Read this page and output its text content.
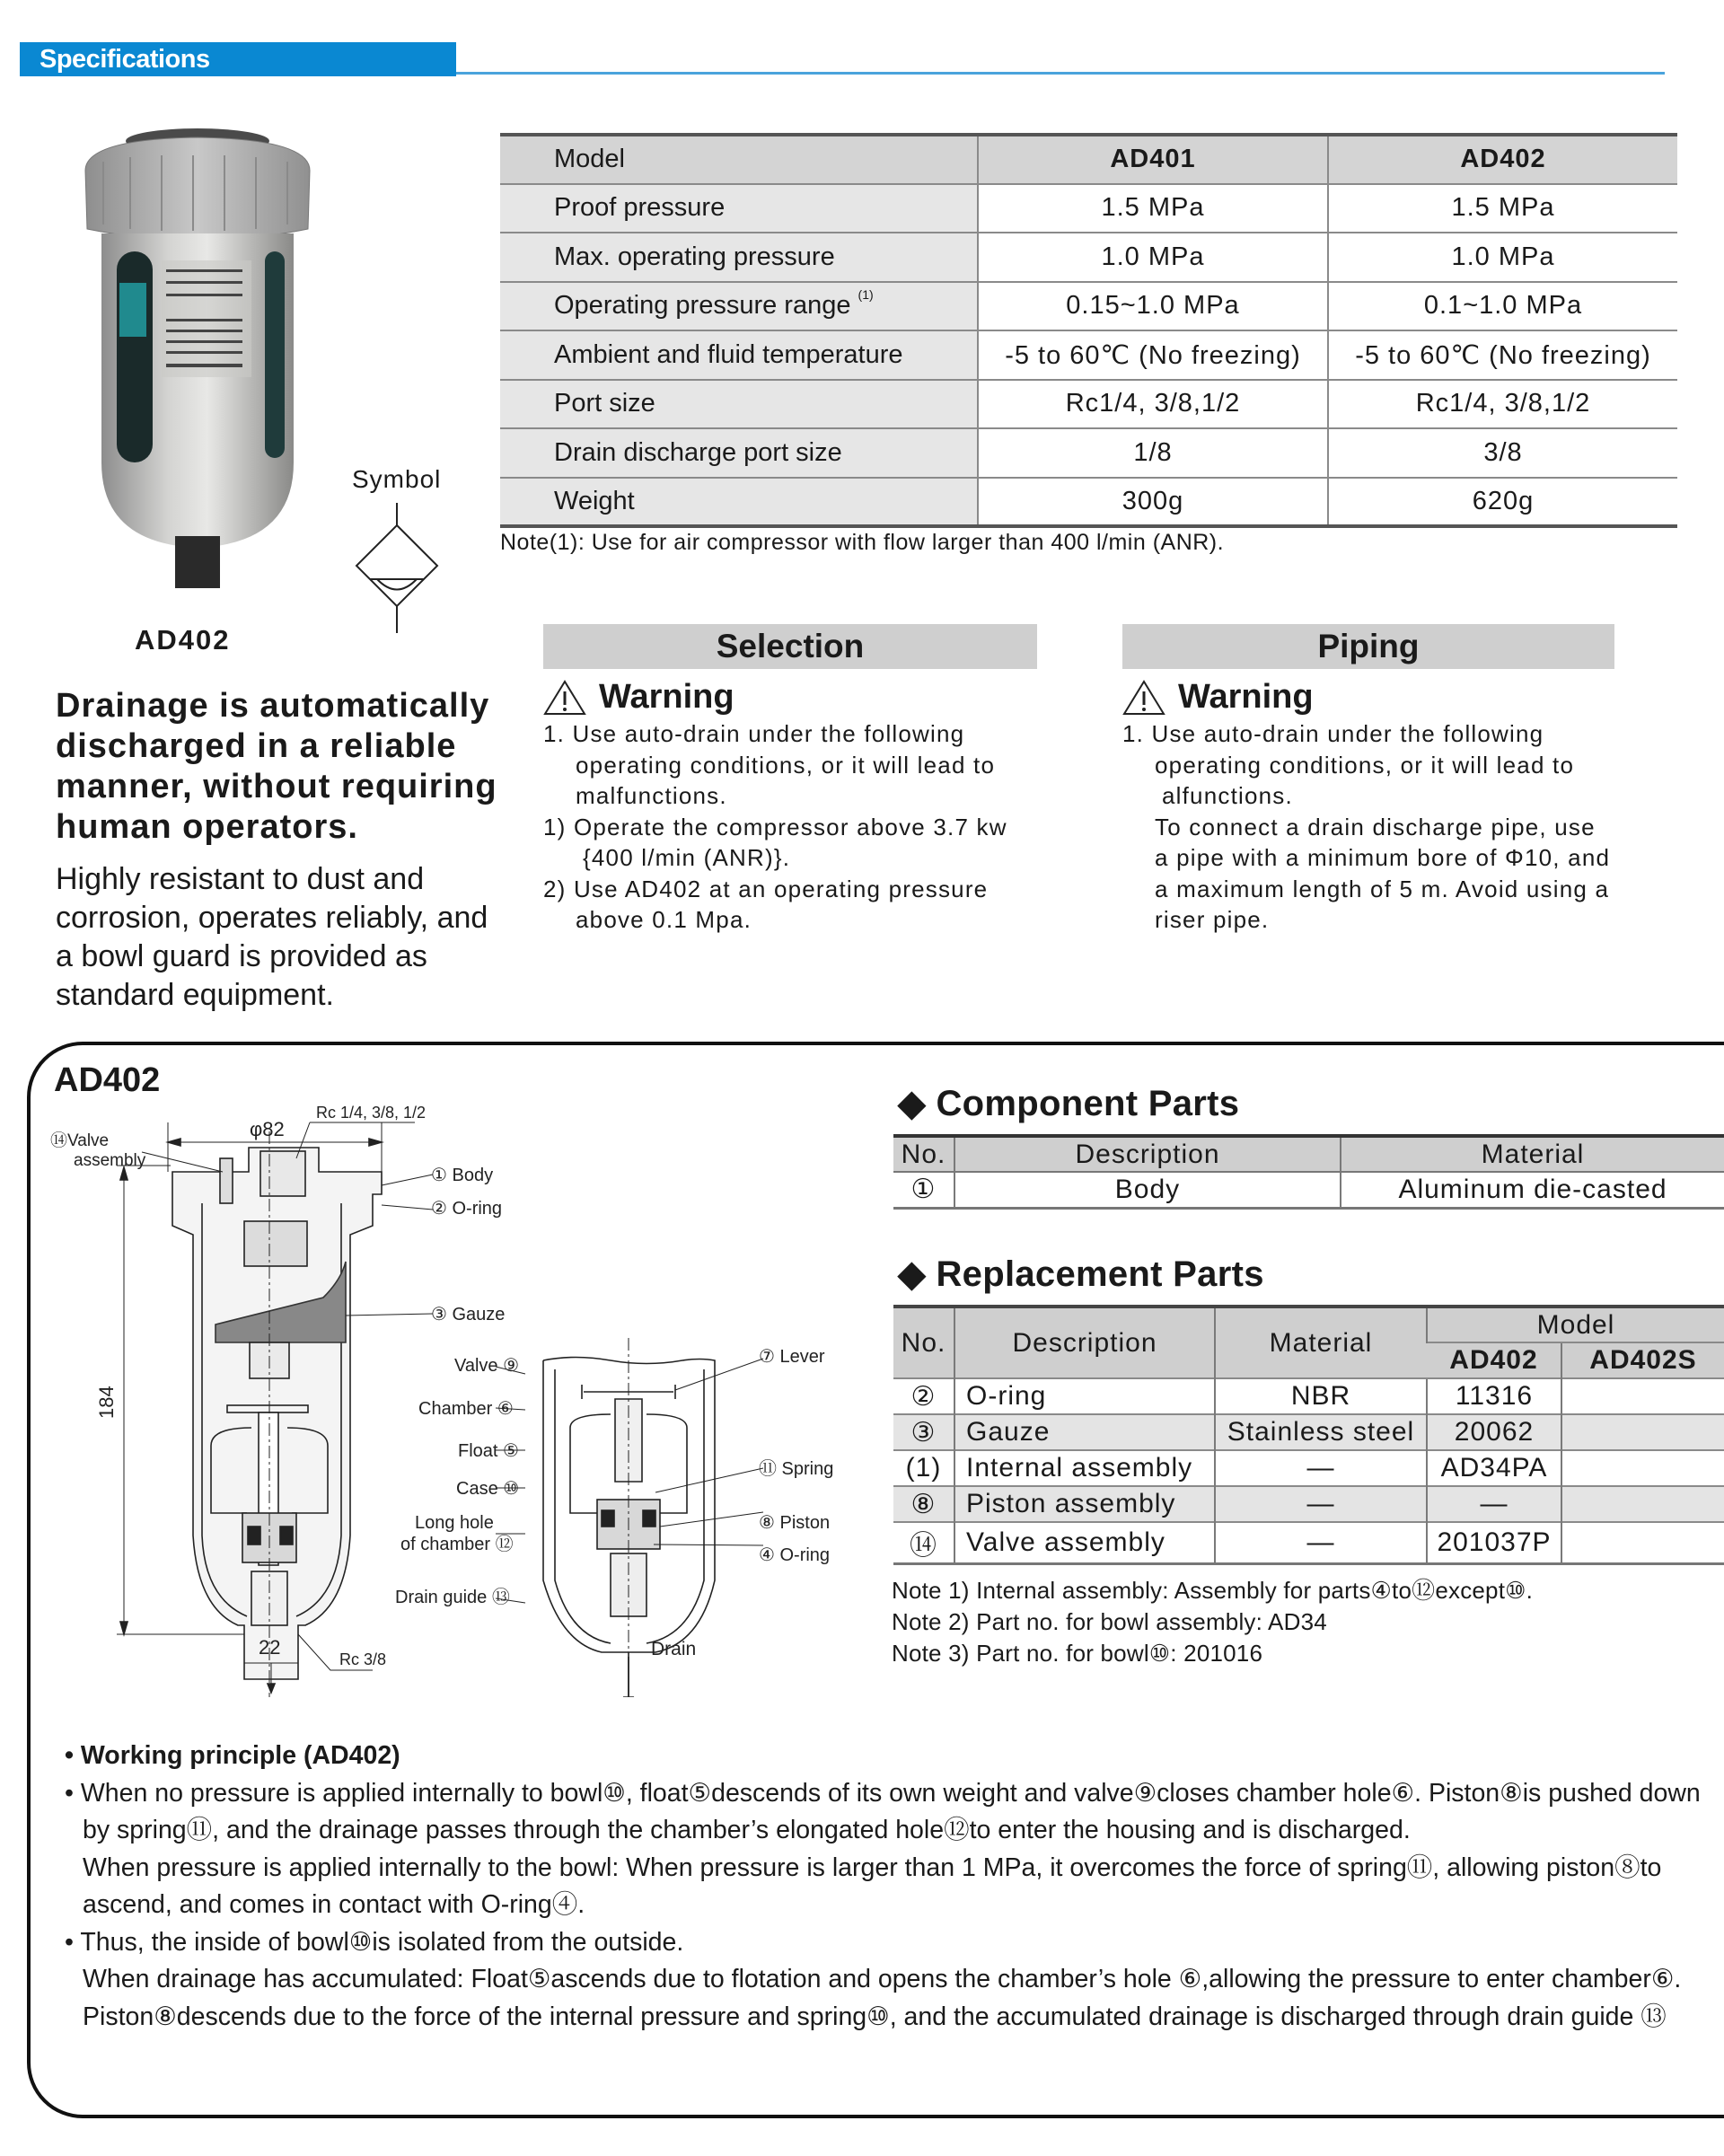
Specifications
AD402
Symbol
Model	AD401	AD402
Proof pressure	1.5 MPa	1.5 MPa
Max. operating pressure	1.0 MPa	1.0 MPa
Operating pressure range $^{(1)}$	0.15~1.0 MPa	0.1~1.0 MPa
Ambient and fluid temperature	-5 to 60℃ (No freezing)	-5 to 60℃ (No freezing)
Port size	Rc1/4, 3/8,1/2	Rc1/4, 3/8,1/2
Drain discharge port size	1/8	3/8
Weight	300g	620g
Note(1): Use for air compressor with flow larger than 400 l/min (ANR).
Drainage is automatically discharged in a reliable manner, without requiring human operators.
Highly resistant to dust and corrosion, operates reliably, and a bowl guard is provided as standard equipment.
Selection
Warning
1. Use auto-drain under the following
operating conditions, or it will lead to
malfunctions.
1) Operate the compressor above 3.7 kw
{400 l/min (ANR)}.
2) Use AD402 at an operating pressure
above 0.1 Mpa.
Piping
Warning
1. Use auto-drain under the following
operating conditions, or it will lead to
alfunctions.
To connect a drain discharge pipe, use
a pipe with a minimum bore of Φ10, and
a maximum length of 5 m. Avoid using a
riser pipe.
AD402
φ82
Rc 1/4, 3/8, 1/2
184
22
Rc 3/8
⑭Valve
assembly
① Body
② O-ring
③ Gauze
Valve ⑨
Chamber ⑥
Float ⑤
Case ⑩
Long hole
of chamber ⑫
Drain guide ⑬
⑦ Lever
⑪ Spring
⑧ Piston
④ O-ring
Drain
◆ Component Parts
No.	Description	Material
①	Body	Aluminum die-casted
◆ Replacement Parts
No.	Description	Material	Model	
			AD402	AD402S
②	O-ring	NBR	11316	
③	Gauze	Stainless steel	20062	
(1)	Internal assembly	—	AD34PA	
⑧	Piston assembly	—	—	
⑭	Valve assembly	—	201037P	
Note 1) Internal assembly: Assembly for parts④to⑫except⑩.
Note 2) Part no. for bowl assembly: AD34
Note 3) Part no. for bowl⑩: 201016
• Working principle (AD402)
• When no pressure is applied internally to bowl⑩, float⑤descends of its own weight and valve⑨closes chamber hole⑥. Piston⑧is pushed down by spring⑪, and the drainage passes through the chamber’s elongated hole⑫to enter the housing and is discharged.
When pressure is applied internally to the bowl: When pressure is larger than 1 MPa, it overcomes the force of spring⑪, allowing piston⑧to ascend, and comes in contact with O-ring④.
• Thus, the inside of bowl⑩is isolated from the outside.
When drainage has accumulated: Float⑤ascends due to flotation and opens the chamber’s hole ⑥,allowing the pressure to enter chamber⑥. Piston⑧descends due to the force of the internal pressure and spring⑩, and the accumulated drainage is discharged through drain guide ⑬
